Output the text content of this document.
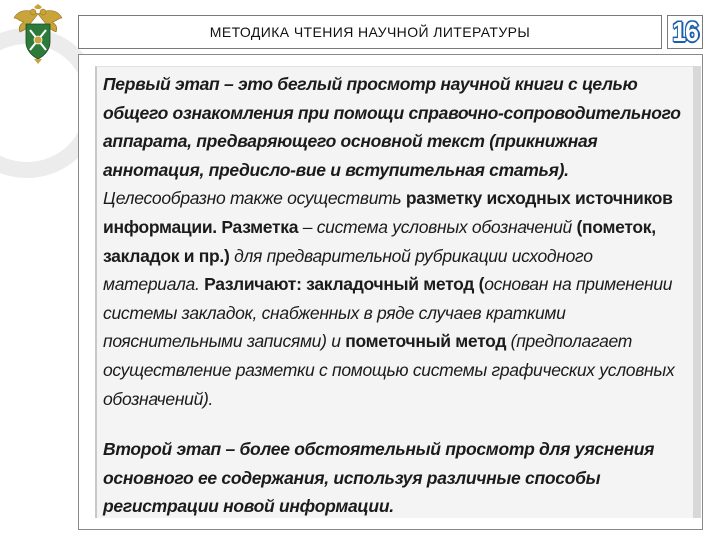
МЕТОДИКА ЧТЕНИЯ НАУЧНОЙ ЛИТЕРАТУРЫ	16

Первый этап – это беглый просмотр научной книги с целью общего ознакомления при помощи справочно-сопроводительного аппарата, предваряющего основной текст (прикнижная аннотация, предисло-вие и вступительная статья). Целесообразно также осуществить разметку исходных источников информации. Разметка – система условных обозначений (пометок, закладок и пр.) для предварительной рубрикации исходного материала. Различают: закладочный метод (основан на применении системы закладок, снабженных в ряде случаев краткими пояснительными записями) и пометочный метод (предполагает осуществление разметки с помощью системы графических условных обозначений).

Второй этап – более обстоятельный просмотр для уяснения основного ее содержания, используя различные способы регистрации новой информации.
